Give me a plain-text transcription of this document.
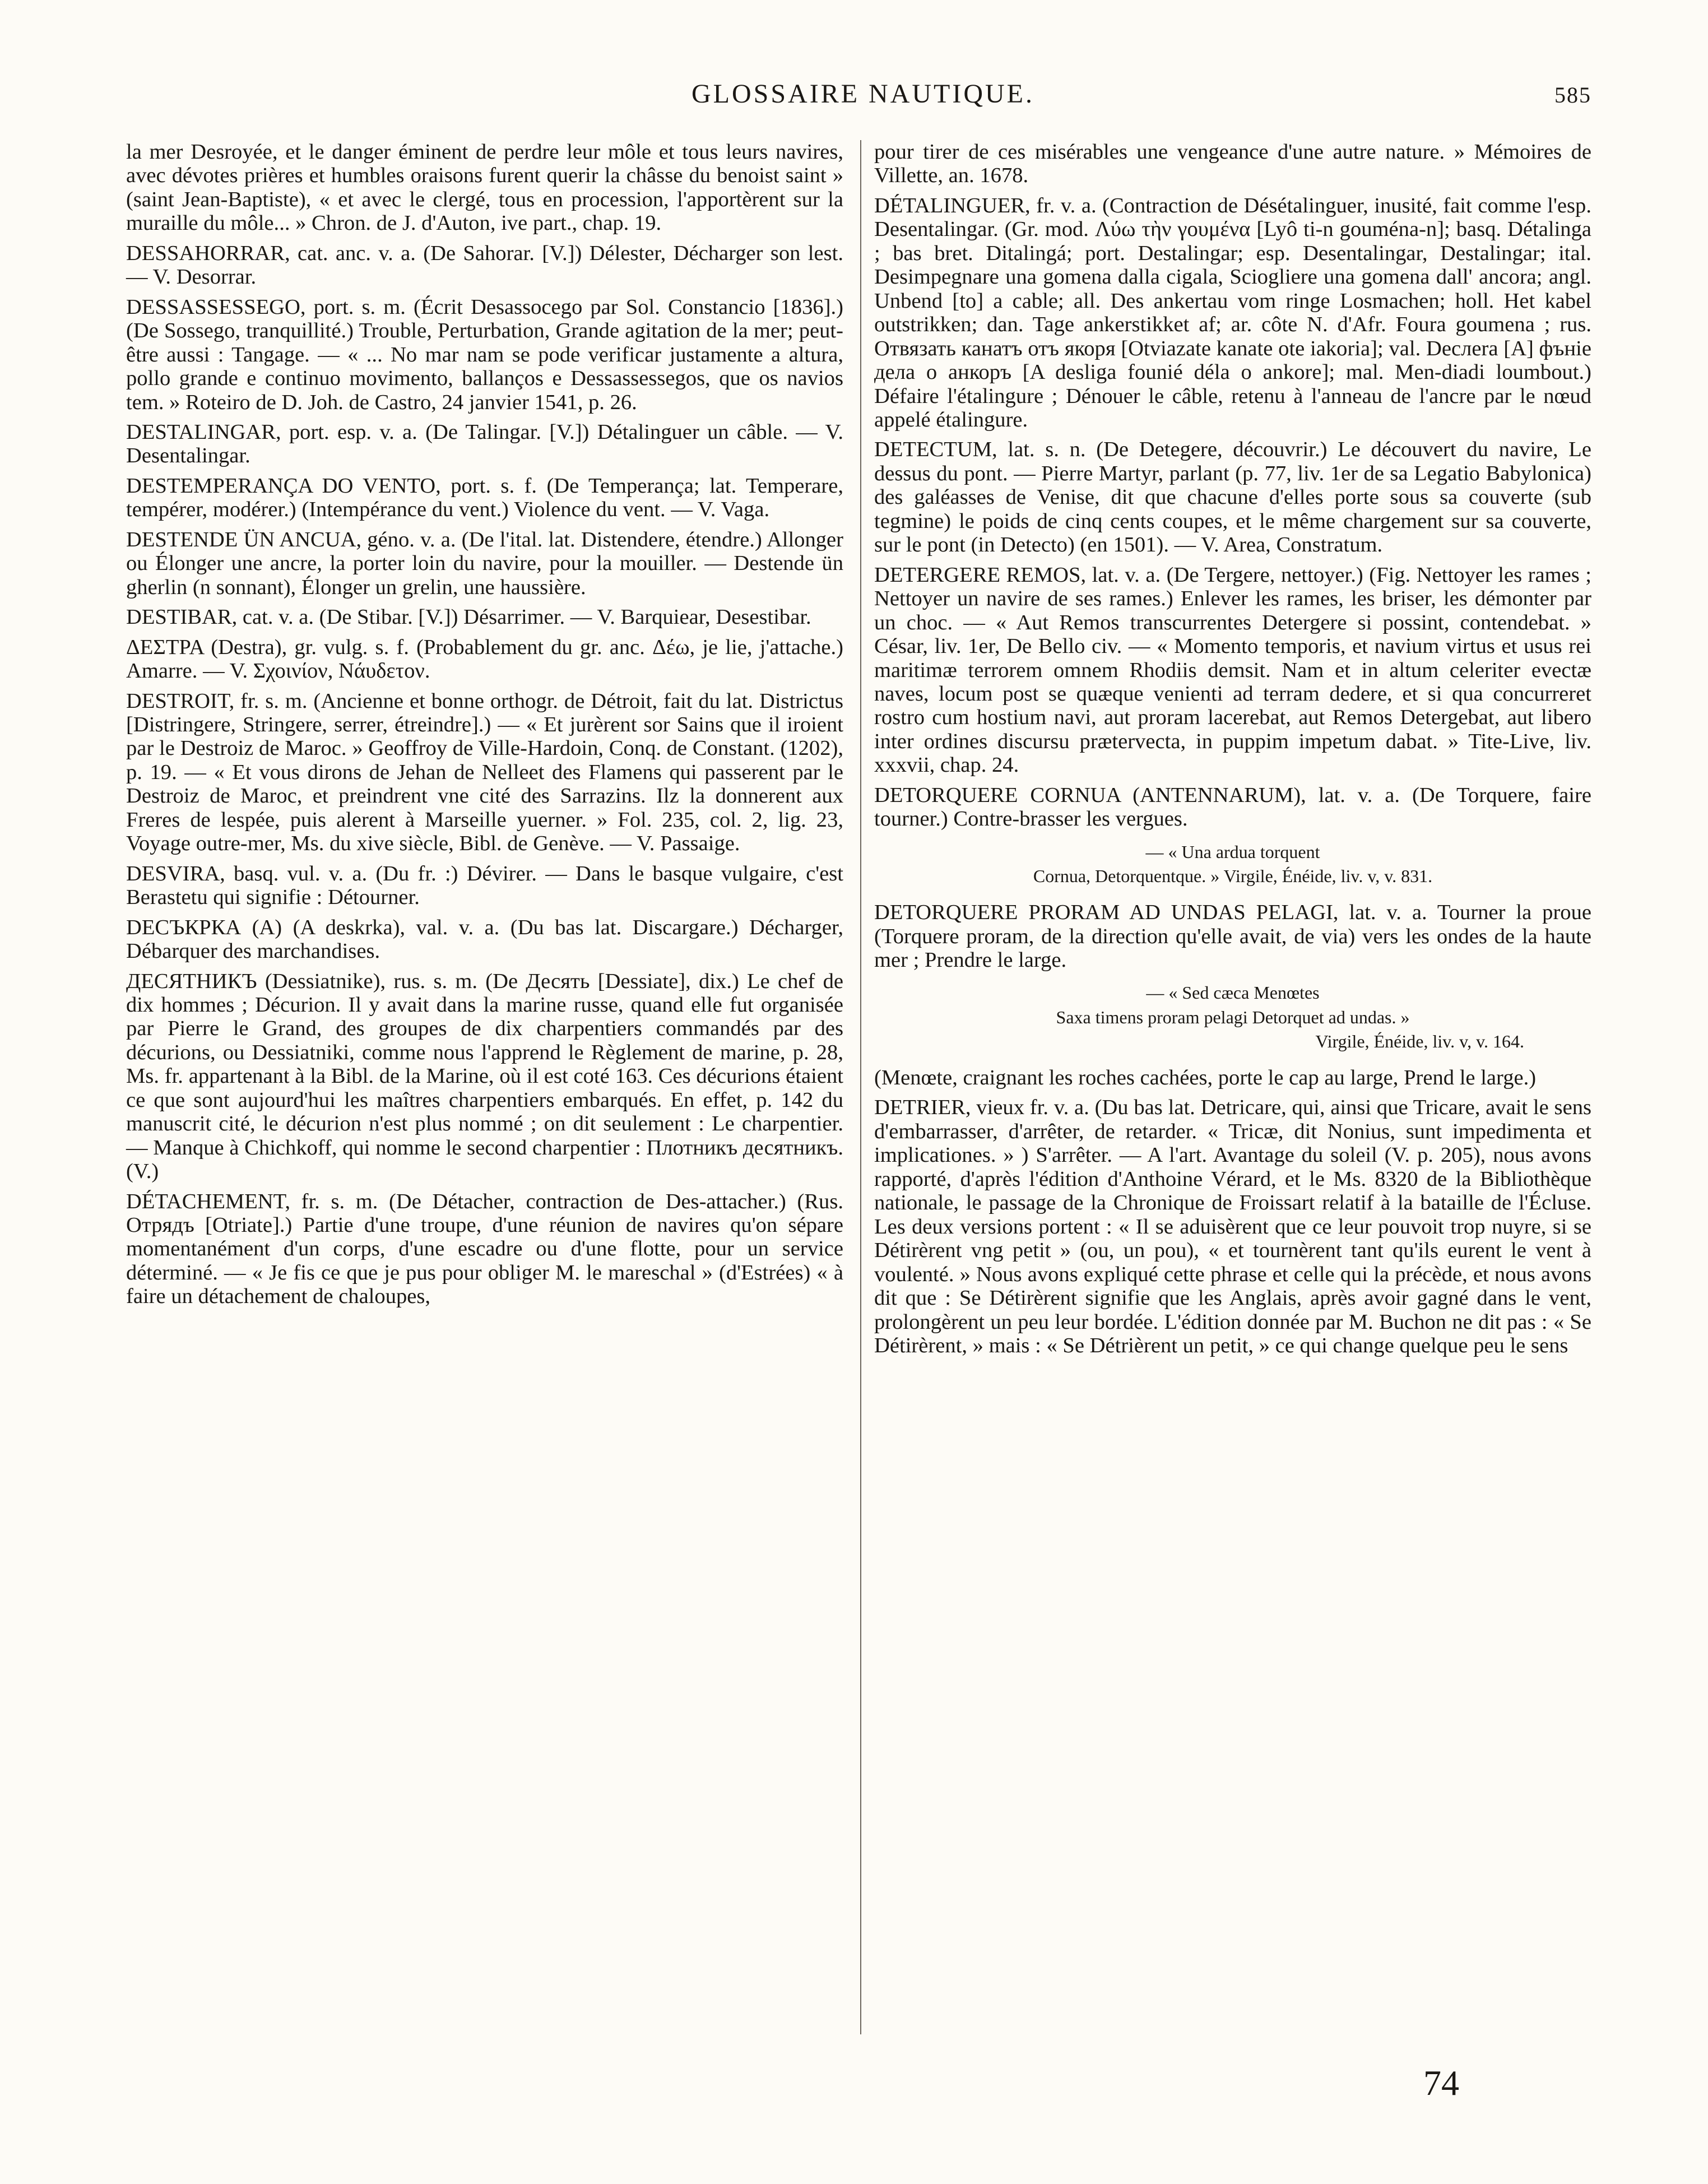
GLOSSAIRE NAUTIQUE.	585

la mer Desroyée, et le danger éminent de perdre leur môle et tous leurs navires, avec dévotes prières et humbles oraisons furent querir la châsse du benoist saint » (saint Jean-Baptiste), « et avec le clergé, tous en procession, l'apportèrent sur la muraille du môle... » Chron. de J. d'Auton, ive part., chap. 19.

DESSAHORRAR, cat. anc. v. a. (De Sahorar. [V.]) Délester, Décharger son lest. — V. Desorrar.

DESSASSESSEGO, port. s. m. (Écrit Desassocego par Sol. Constancio [1836].) (De Sossego, tranquillité.) Trouble, Perturbation, Grande agitation de la mer; peut-être aussi : Tangage. — « ... No mar nam se pode verificar justamente a altura, pollo grande e continuo movimento, ballanços e Dessassessegos, que os navios tem. » Roteiro de D. Joh. de Castro, 24 janvier 1541, p. 26.

DESTALINGAR, port. esp. v. a. (De Talingar. [V.]) Détalinguer un câble. — V. Desentalingar.

DESTEMPERANÇA DO VENTO, port. s. f. (De Temperança; lat. Temperare, tempérer, modérer.) (Intempérance du vent.) Violence du vent. — V. Vaga.

DESTENDE ÜN ANCUA, génο. v. a. (De l'ital. lat. Distendere, étendre.) Allonger ou Élonger une ancre, la porter loin du navire, pour la mouiller. — Destende ün gherlin (n sonnant), Élonger un grelin, une haussière.

DESTIBAR, cat. v. a. (De Stibar. [V.]) Désarrimer. — V. Barquiear, Desestibar.

ΔΕΣΤΡΑ (Destra), gr. vulg. s. f. (Probablement du gr. anc. Δέω, je lie, j'attache.) Amarre. — V. Σχοινίον, Νάυδετον.

DESTROIT, fr. s. m. (Ancienne et bonne orthogr. de Détroit, fait du lat. Districtus [Distringere, Stringere, serrer, étreindre].) — « Et jurèrent sor Sains que il iroient par le Destroiz de Maroc. » Geoffroy de Ville-Hardoin, Conq. de Constant. (1202), p. 19. — « Et vous dirons de Jehan de Nelleet des Flamens qui passerent par le Destroiz de Maroc, et preindrent vne cité des Sarrazins. Ilz la donnerent aux Freres de lespée, puis alerent à Marseille yuerner. » Fol. 235, col. 2, lig. 23, Voyage outre-mer, Ms. du xive siècle, Bibl. de Genève. — V. Passaige.

DESVIRA, basq. vul. v. a. (Du fr. :) Dévirer. — Dans le basque vulgaire, c'est Berastetu qui signifie : Détourner.

DECЪКРКА (A) (A deskrka), val. v. a. (Du bas lat. Discargare.) Décharger, Débarquer des marchandises.

ДЕСЯТНИКЪ (Dessiatnike), rus. s. m. (De Десять [Dessiate], dix.) Le chef de dix hommes ; Décurion. Il y avait dans la marine russe, quand elle fut organisée par Pierre le Grand, des groupes de dix charpentiers commandés par des décurions, ou Dessiatniki, comme nous l'apprend le Règlement de marine, p. 28, Ms. fr. appartenant à la Bibl. de la Marine, où il est coté 163. Ces décurions étaient ce que sont aujourd'hui les maîtres charpentiers embarqués. En effet, p. 142 du manuscrit cité, le décurion n'est plus nommé ; on dit seulement : Le charpentier. — Manque à Chichkoff, qui nomme le second charpentier : Плотникъ десятникъ. (V.)

DÉTACHEMENT, fr. s. m. (De Détacher, contraction de Des-attacher.) (Rus. Отрядъ [Otriate].) Partie d'une troupe, d'une réunion de navires qu'on sépare momentanément d'un corps, d'une escadre ou d'une flotte, pour un service déterminé. — « Je fis ce que je pus pour obliger M. le mareschal » (d'Estrées) « à faire un détachement de chaloupes,

pour tirer de ces misérables une vengeance d'une autre nature. » Mémoires de Villette, an. 1678.

DÉTALINGUER, fr. v. a. (Contraction de Désétalinguer, inusité, fait comme l'esp. Desentalingar. (Gr. mod. Λύω τὴν γουμένα [Lyô ti-n gouména-n]; basq. Détalinga ; bas bret. Ditalingá; port. Destalingar; esp. Desentalingar, Destalingar; ital. Desimpegnare una gomena dalla cigala, Sciogliere una gomena dall' ancora; angl. Unbend [to] a cable; all. Des ankertau vom ringe Losmachen; holl. Het kabel outstrikken; dan. Tage ankerstikket af; ar. côte N. d'Afr. Foura goumena ; rus. Отвязать канатъ отъ якоря [Otviazate kanate ote iakoria]; val. Decлera [A] фънie дела о анкоръ [A desliga founié déla o ankore]; mal. Men-diadi loumbout.) Défaire l'étalingure ; Dénouer le câble, retenu à l'anneau de l'ancre par le nœud appelé étalingure.

DETECTUM, lat. s. n. (De Detegere, découvrir.) Le découvert du navire, Le dessus du pont. — Pierre Martyr, parlant (p. 77, liv. 1er de sa Legatio Babylonica) des galéasses de Venise, dit que chacune d'elles porte sous sa couverte (sub tegmine) le poids de cinq cents coupes, et le même chargement sur sa couverte, sur le pont (in Detecto) (en 1501). — V. Area, Constratum.

DETERGERE REMOS, lat. v. a. (De Tergere, nettoyer.) (Fig. Nettoyer les rames ; Nettoyer un navire de ses rames.) Enlever les rames, les briser, les démonter par un choc. — « Aut Remos transcurrentes Detergere si possint, contendebat. » César, liv. 1er, De Bello civ. — « Momento temporis, et navium virtus et usus rei maritimæ terrorem omnem Rhodiis demsit. Nam et in altum celeriter evectæ naves, locum post se quæque venienti ad terram dedere, et si qua concurreret rostro cum hostium navi, aut proram lacerebat, aut Remos Detergebat, aut libero inter ordines discursu prætervecta, in puppim impetum dabat. » Tite-Live, liv. xxxvii, chap. 24.

DETORQUERE CORNUA (ANTENNARUM), lat. v. a. (De Torquere, faire tourner.) Contre-brasser les vergues.

— « Una ardua torquent
Cornua, Detorquentque. » Virgile, Énéide, liv. v, v. 831.

DETORQUERE PRORAM AD UNDAS PELAGI, lat. v. a. Tourner la proue (Torquere proram, de la direction qu'elle avait, de via) vers les ondes de la haute mer ; Prendre le large.

— « Sed cæca Menœtes
Saxa timens proram pelagi Detorquet ad undas. »
Virgile, Énéide, liv. v, v. 164.

(Menœte, craignant les roches cachées, porte le cap au large, Prend le large.)

DETRIER, vieux fr. v. a. (Du bas lat. Detricare, qui, ainsi que Tricare, avait le sens d'embarrasser, d'arrêter, de retarder. « Tricæ, dit Nonius, sunt impedimenta et implicationes. » ) S'arrêter. — A l'art. Avantage du soleil (V. p. 205), nous avons rapporté, d'après l'édition d'Anthoine Vérard, et le Ms. 8320 de la Bibliothèque nationale, le passage de la Chronique de Froissart relatif à la bataille de l'Écluse. Les deux versions portent : « Il se aduisèrent que ce leur pouvoit trop nuyre, si se Détirèrent vng petit » (ou, un pou), « et tournèrent tant qu'ils eurent le vent à voulenté. » Nous avons expliqué cette phrase et celle qui la précède, et nous avons dit que : Se Détirèrent signifie que les Anglais, après avoir gagné dans le vent, prolongèrent un peu leur bordée. L'édition donnée par M. Buchon ne dit pas : « Se Détirèrent, » mais : « Se Détrièrent un petit, » ce qui change quelque peu le sens

74
